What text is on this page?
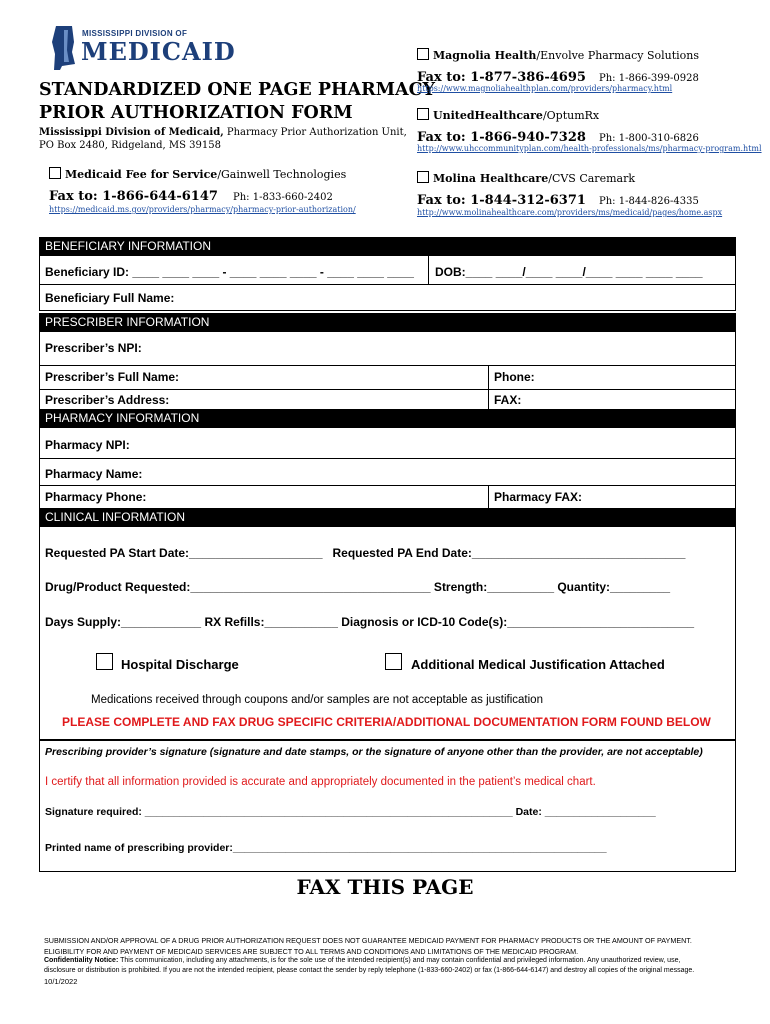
MISSISSIPPI DIVISION OF
MEDICAID
STANDARDIZED ONE PAGE PHARMACY
PRIOR AUTHORIZATION FORM
Mississippi Division of Medicaid, Pharmacy Prior Authorization Unit,
PO Box 2480, Ridgeland, MS 39158
Medicaid Fee for Service/Gainwell Technologies
Fax to: 1-866-644-6147 Ph: 1-833-660-2402
https://medicaid.ms.gov/providers/pharmacy/pharmacy-prior-authorization/
Magnolia Health/Envolve Pharmacy Solutions
Fax to: 1-877-386-4695 Ph: 1-866-399-0928
https://www.magnoliahealthplan.com/providers/pharmacy.html
UnitedHealthcare/OptumRx
Fax to: 1-866-940-7328 Ph: 1-800-310-6826
http://www.uhccommunityplan.com/health-professionals/ms/pharmacy-program.html
Molina Healthcare/CVS Caremark
Fax to: 1-844-312-6371 Ph: 1-844-826-4335
http://www.molinahealthcare.com/providers/ms/medicaid/pages/home.aspx
BENEFICIARY INFORMATION
Beneficiary ID: ____ ____ ____ - ____ ____ ____ - ____ ____ ____ DOB:____ ____/____ ____/____ ____ ____ ____
Beneficiary Full Name:
PRESCRIBER INFORMATION
Prescriber’s NPI:
Prescriber’s Full Name:	Phone:
Prescriber’s Address:	FAX:
PHARMACY INFORMATION
Pharmacy NPI:
Pharmacy Name:
Pharmacy Phone:	Pharmacy FAX:
CLINICAL INFORMATION
Requested PA Start Date:____________________   Requested PA End Date:________________________________
Drug/Product Requested:____________________________________ Strength:__________ Quantity:_________
Days Supply:____________ RX Refills:___________ Diagnosis or ICD-10 Code(s):____________________________
Hospital Discharge	Additional Medical Justification Attached
Medications received through coupons and/or samples are not acceptable as justification
PLEASE COMPLETE AND FAX DRUG SPECIFIC CRITERIA/ADDITIONAL DOCUMENTATION FORM FOUND BELOW
Prescribing provider’s signature (signature and date stamps, or the signature of anyone other than the provider, are not acceptable)
I certify that all information provided is accurate and appropriately documented in the patient’s medical chart.
Signature required: _______________________________________________________________ Date: ___________________
Printed name of prescribing provider:________________________________________________________________
FAX THIS PAGE
SUBMISSION AND/OR APPROVAL OF A DRUG PRIOR AUTHORIZATION REQUEST DOES NOT GUARANTEE MEDICAID PAYMENT FOR PHARMACY PRODUCTS OR THE AMOUNT OF PAYMENT.
ELIGIBILITY FOR AND PAYMENT OF MEDICAID SERVICES ARE SUBJECT TO ALL TERMS AND CONDITIONS AND LIMITATIONS OF THE MEDICAID PROGRAM.
Confidentiality Notice: This communication, including any attachments, is for the sole use of the intended recipient(s) and may contain confidential and privileged information. Any unauthorized review, use,
disclosure or distribution is prohibited. If you are not the intended recipient, please contact the sender by reply telephone (1-833-660-2402) or fax (1-866-644-6147) and destroy all copies of the original message.
10/1/2022
